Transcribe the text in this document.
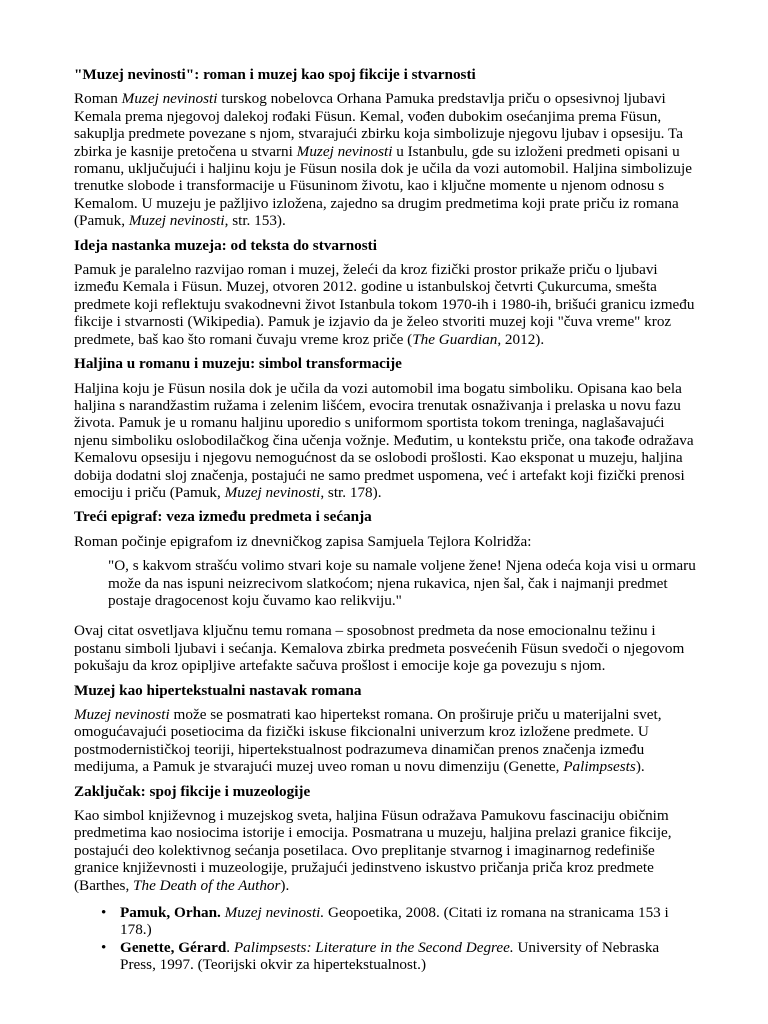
"Muzej nevinosti": roman i muzej kao spoj fikcije i stvarnosti

Roman Muzej nevinosti turskog nobelovca Orhana Pamuka predstavlja priču o opsesivnoj ljubavi Kemala prema njegovoj dalekoj rođaki Füsun. Kemal, vođen dubokim osećanjima prema Füsun, sakuplja predmete povezane s njom, stvarajući zbirku koja simbolizuje njegovu ljubav i opsesiju. Ta zbirka je kasnije pretočena u stvarni Muzej nevinosti u Istanbulu, gde su izloženi predmeti opisani u romanu, uključujući i haljinu koju je Füsun nosila dok je učila da vozi automobil. Haljina simbolizuje trenutke slobode i transformacije u Füsuninom životu, kao i ključne momente u njenom odnosu s Kemalom. U muzeju je pažljivo izložena, zajedno sa drugim predmetima koji prate priču iz romana (Pamuk, Muzej nevinosti, str. 153).

Ideja nastanka muzeja: od teksta do stvarnosti

Pamuk je paralelno razvijao roman i muzej, želeći da kroz fizički prostor prikaže priču o ljubavi između Kemala i Füsun. Muzej, otvoren 2012. godine u istanbulskoj četvrti Çukurcuma, smešta predmete koji reflektuju svakodnevni život Istanbula tokom 1970-ih i 1980-ih, brišući granicu između fikcije i stvarnosti (Wikipedia). Pamuk je izjavio da je želeo stvoriti muzej koji "čuva vreme" kroz predmete, baš kao što romani čuvaju vreme kroz priče (The Guardian, 2012).

Haljina u romanu i muzeju: simbol transformacije

Haljina koju je Füsun nosila dok je učila da vozi automobil ima bogatu simboliku. Opisana kao bela haljina s narandžastim ružama i zelenim lišćem, evocira trenutak osnaživanja i prelaska u novu fazu života. Pamuk je u romanu haljinu uporedio s uniformom sportista tokom treninga, naglašavajući njenu simboliku oslobodilačkog čina učenja vožnje. Međutim, u kontekstu priče, ona takođe odražava Kemalovu opsesiju i njegovu nemogućnost da se oslobodi prošlosti. Kao eksponat u muzeju, haljina dobija dodatni sloj značenja, postajući ne samo predmet uspomena, već i artefakt koji fizički prenosi emociju i priču (Pamuk, Muzej nevinosti, str. 178).

Treći epigraf: veza između predmeta i sećanja

Roman počinje epigrafom iz dnevničkog zapisa Samjuela Tejlora Kolridža:

"O, s kakvom strašću volimo stvari koje su namale voljene žene! Njena odeća koja visi u ormaru može da nas ispuni neizrecivom slatkoćom; njena rukavica, njen šal, čak i najmanji predmet postaje dragocenost koju čuvamo kao relikviju."

Ovaj citat osvetljava ključnu temu romana – sposobnost predmeta da nose emocionalnu težinu i postanu simboli ljubavi i sećanja. Kemalova zbirka predmeta posvećenih Füsun svedoči o njegovom pokušaju da kroz opipljive artefakte sačuva prošlost i emocije koje ga povezuju s njom.

Muzej kao hipertekstualni nastavak romana

Muzej nevinosti može se posmatrati kao hipertekst romana. On proširuje priču u materijalni svet, omogućavajući posetiocima da fizički iskuse fikcionalni univerzum kroz izložene predmete. U postmodernističkoj teoriji, hipertekstualnost podrazumeva dinamičan prenos značenja između medijuma, a Pamuk je stvarajući muzej uveo roman u novu dimenziju (Genette, Palimpsests).

Zaključak: spoj fikcije i muzeologije

Kao simbol književnog i muzejskog sveta, haljina Füsun odražava Pamukovu fascinaciju običnim predmetima kao nosiocima istorije i emocija. Posmatrana u muzeju, haljina prelazi granice fikcije, postajući deo kolektivnog sećanja posetilaca. Ovo preplitanje stvarnog i imaginarnog redefiniše granice književnosti i muzeologije, pružajući jedinstveno iskustvo pričanja priča kroz predmete (Barthes, The Death of the Author).

• Pamuk, Orhan. Muzej nevinosti. Geopoetika, 2008. (Citati iz romana na stranicama 153 i 178.)
• Genette, Gérard. Palimpsests: Literature in the Second Degree. University of Nebraska Press, 1997. (Teorijski okvir za hipertekstualnost.)
